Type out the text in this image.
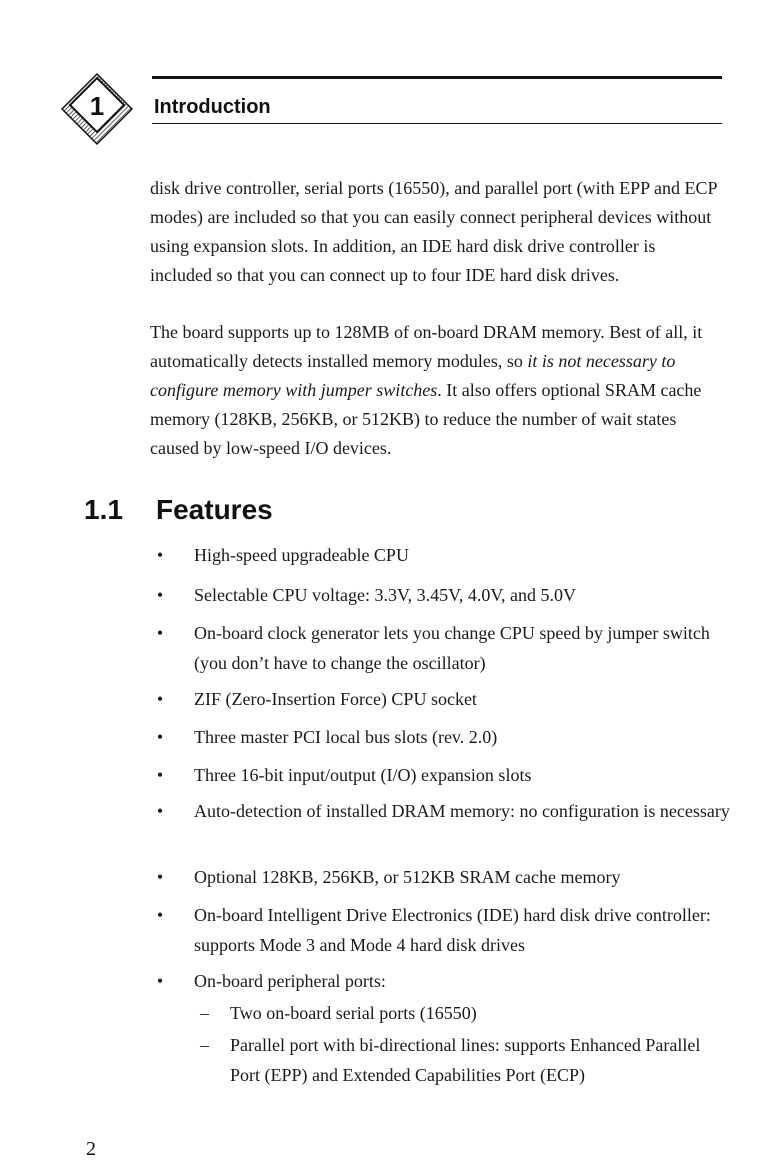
1 Introduction

disk drive controller, serial ports (16550), and parallel port (with EPP and ECP modes) are included so that you can easily connect peripheral devices without using expansion slots. In addition, an IDE hard disk drive controller is included so that you can connect up to four IDE hard disk drives.

The board supports up to 128MB of on-board DRAM memory. Best of all, it automatically detects installed memory modules, so it is not necessary to configure memory with jumper switches. It also offers optional SRAM cache memory (128KB, 256KB, or 512KB) to reduce the number of wait states caused by low-speed I/O devices.

1.1 Features
•	High-speed upgradeable CPU
•	Selectable CPU voltage: 3.3V, 3.45V, 4.0V, and 5.0V
•	On-board clock generator lets you change CPU speed by jumper switch (you don’t have to change the oscillator)
•	ZIF (Zero-Insertion Force) CPU socket
•	Three master PCI local bus slots (rev. 2.0)
•	Three 16-bit input/output (I/O) expansion slots
•	Auto-detection of installed DRAM memory: no configuration is necessary
•	Optional 128KB, 256KB, or 512KB SRAM cache memory
•	On-board Intelligent Drive Electronics (IDE) hard disk drive controller: supports Mode 3 and Mode 4 hard disk drives
•	On-board peripheral ports:
– Two on-board serial ports (16550)
– Parallel port with bi-directional lines: supports Enhanced Parallel Port (EPP) and Extended Capabilities Port (ECP)
2
